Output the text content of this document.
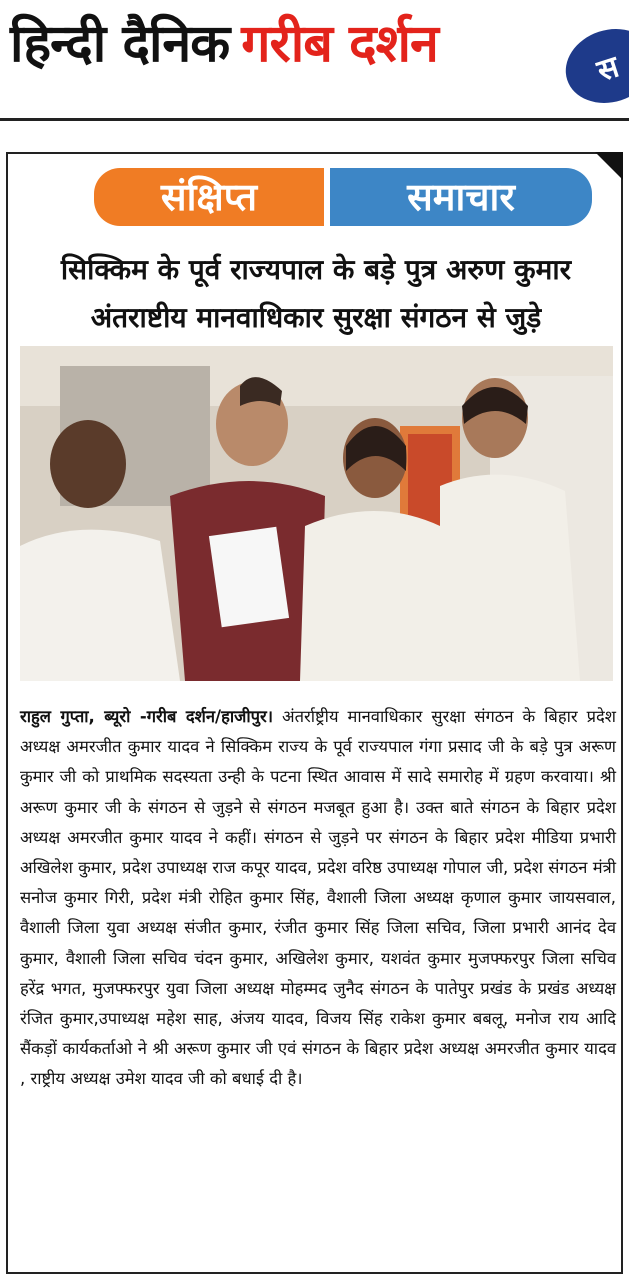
हिन्दी दैनिक गरीब दर्शन	स
संक्षिप्त	समाचार
सिक्किम के पूर्व राज्यपाल के बड़े पुत्र अरुण कुमार
अंतराष्टीय मानवाधिकार सुरक्षा संगठन से जुड़े
राहुल गुप्ता, ब्यूरो -गरीब दर्शन/हाजीपुर। अंतर्राष्ट्रीय मानवाधिकार सुरक्षा संगठन के बिहार प्रदेश अध्यक्ष अमरजीत कुमार यादव ने सिक्किम राज्य के पूर्व राज्यपाल गंगा प्रसाद जी के बड़े पुत्र अरूण कुमार जी को प्राथमिक सदस्यता उन्ही के पटना स्थित आवास में सादे समारोह में ग्रहण करवाया। श्री अरूण कुमार जी के संगठन से जुड़ने से संगठन मजबूत हुआ है। उक्त बाते संगठन के बिहार प्रदेश अध्यक्ष अमरजीत कुमार यादव ने कहीं। संगठन से जुड़ने पर संगठन के बिहार प्रदेश मीडिया प्रभारी अखिलेश कुमार, प्रदेश उपाध्यक्ष राज कपूर यादव, प्रदेश वरिष्ठ उपाध्यक्ष गोपाल जी, प्रदेश संगठन मंत्री सनोज कुमार गिरी, प्रदेश मंत्री रोहित कुमार सिंह, वैशाली जिला अध्यक्ष कृणाल कुमार जायसवाल, वैशाली जिला युवा अध्यक्ष संजीत कुमार, रंजीत कुमार सिंह जिला सचिव, जिला प्रभारी आनंद देव कुमार, वैशाली जिला सचिव चंदन कुमार, अखिलेश कुमार, यशवंत कुमार मुजफ्फरपुर जिला सचिव हरेंद्र भगत, मुजफ्फरपुर युवा जिला अध्यक्ष मोहम्मद जुनैद संगठन के पातेपुर प्रखंड के प्रखंड अध्यक्ष रंजित कुमार,उपाध्यक्ष महेश साह, अंजय यादव, विजय सिंह राकेश कुमार बबलू, मनोज राय आदि सैंकड़ों कार्यकर्ताओ ने श्री अरूण कुमार जी एवं संगठन के बिहार प्रदेश अध्यक्ष अमरजीत कुमार यादव , राष्ट्रीय अध्यक्ष उमेश यादव जी को बधाई दी है।
